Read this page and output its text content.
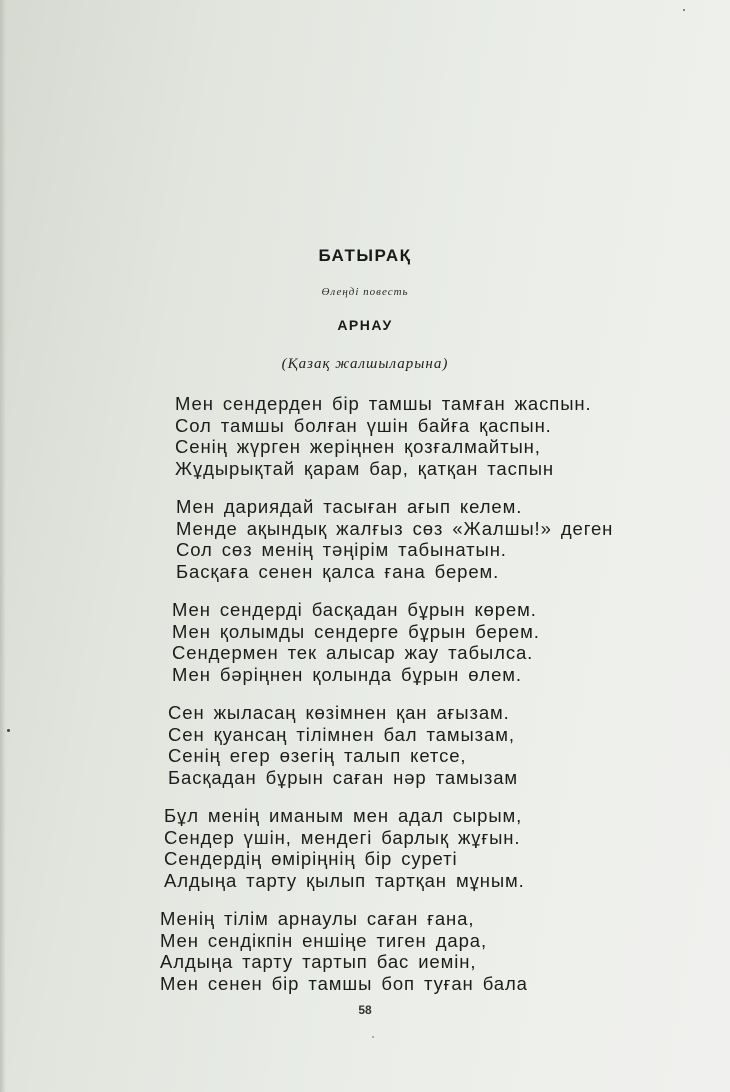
БАТЫРАҚ
Өлеңді повесть
АРНАУ
(Қазақ жалшыларына)
Мен сендерден бір тамшы тамған жаспын.
Сол тамшы болған үшін байға қаспын.
Сенің жүрген жеріңнен қозғалмайтын,
Жұдырықтай қарам бар, қатқан таспын
Мен дариядай тасыған ағып келем.
Менде ақындық жалғыз сөз «Жалшы!» деген
Сол сөз менің тәңірім табынатын.
Басқаға сенен қалса ғана берем.
Мен сендерді басқадан бұрын көрем.
Мен қолымды сендерге бұрын берем.
Сендермен тек алысар жау табылса.
Мен бәріңнен қолында бұрын өлем.
Сен жыласаң көзімнен қан ағызам.
Сен қуансаң тілімнен бал тамызам,
Сенің егер өзегің талып кетсе,
Басқадан бұрын саған нәр тамызам
Бұл менің иманым мен адал сырым,
Сендер үшін, мендегі барлық жұғын.
Сендердің өміріңнің бір суреті
Алдыңа тарту қылып тартқан мұным.
Менің тілім арнаулы саған ғана,
Мен сендікпін еншіңе тиген дара,
Алдыңа тарту тартып бас иемін,
Мен сенен бір тамшы боп туған бала
58
